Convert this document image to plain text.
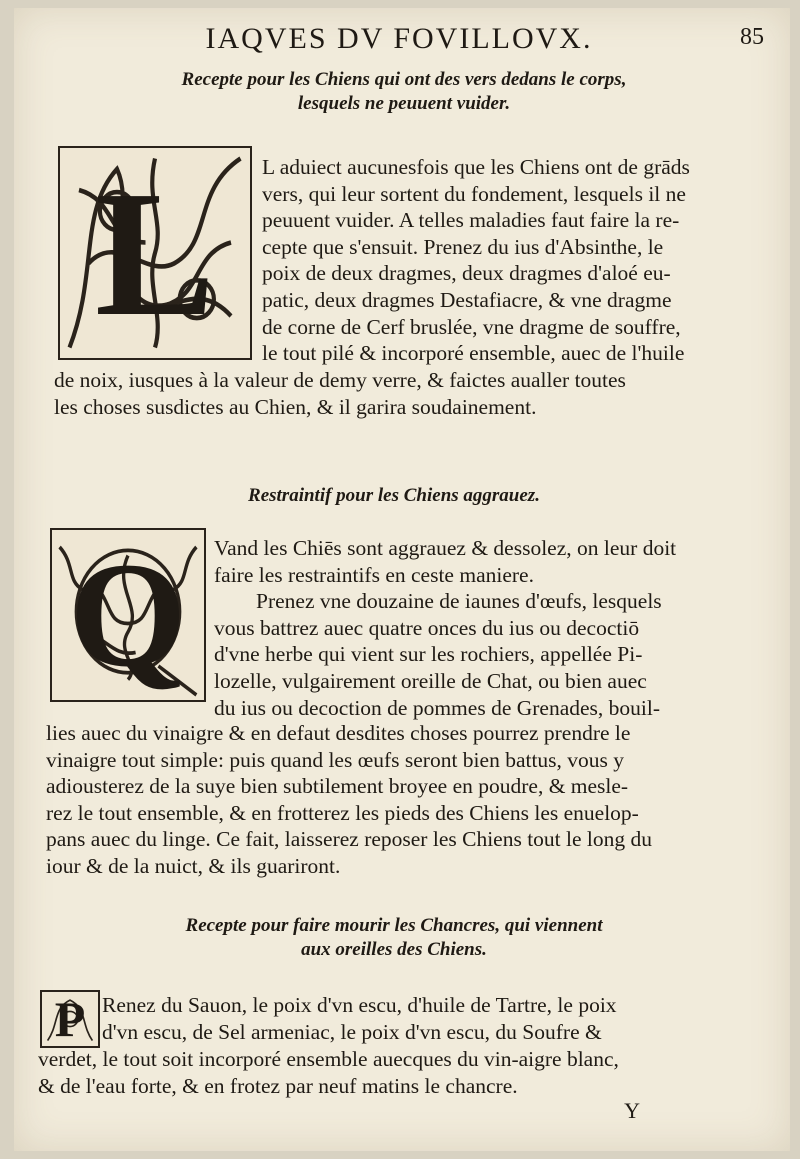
IAQVES DV FOVILLOVX.	85
Recepte pour les Chiens qui ont des vers dedans le corps,
lesquels ne peuuent vuider.
L	L aduiect aucunesfois que les Chiens ont de grāds
vers, qui leur sortent du fondement, lesquels il ne
peuuent vuider. A telles maladies faut faire la re-
cepte que s'ensuit. Prenez du ius d'Absinthe, le
poix de deux dragmes, deux dragmes d'aloé eu-
patic, deux dragmes Destafiacre, & vne dragme
de corne de Cerf bruslée, vne dragme de souffre,
le tout pilé & incorporé ensemble, auec de l'huile
de noix, iusques à la valeur de demy verre, & faictes aualler toutes
les choses susdictes au Chien, & il garira soudainement.
Restraintif pour les Chiens aggrauez.
Q	Vand les Chiēs sont aggrauez & dessolez, on leur doit
faire les restraintifs en ceste maniere.
Prenez vne douzaine de iaunes d'œufs, lesquels
vous battrez auec quatre onces du ius ou decoctiō
d'vne herbe qui vient sur les rochiers, appellée Pi-
lozelle, vulgairement oreille de Chat, ou bien auec
du ius ou decoction de pommes de Grenades, bouil-
lies auec du vinaigre & en defaut desdites choses pourrez prendre le
vinaigre tout simple: puis quand les œufs seront bien battus, vous y
adiousterez de la suye bien subtilement broyee en poudre, & mesle-
rez le tout ensemble, & en frotterez les pieds des Chiens les enuelop-
pans auec du linge. Ce fait, laisserez reposer les Chiens tout le long du
iour & de la nuict, & ils guariront.
Recepte pour faire mourir les Chancres, qui viennent
aux oreilles des Chiens.
P Renez du Sauon, le poix d'vn escu, d'huile de Tartre, le poix
d'vn escu, de Sel armeniac, le poix d'vn escu, du Soufre &
verdet, le tout soit incorporé ensemble auecques du vin-aigre blanc,
& de l'eau forte, & en frotez par neuf matins le chancre.
Y
